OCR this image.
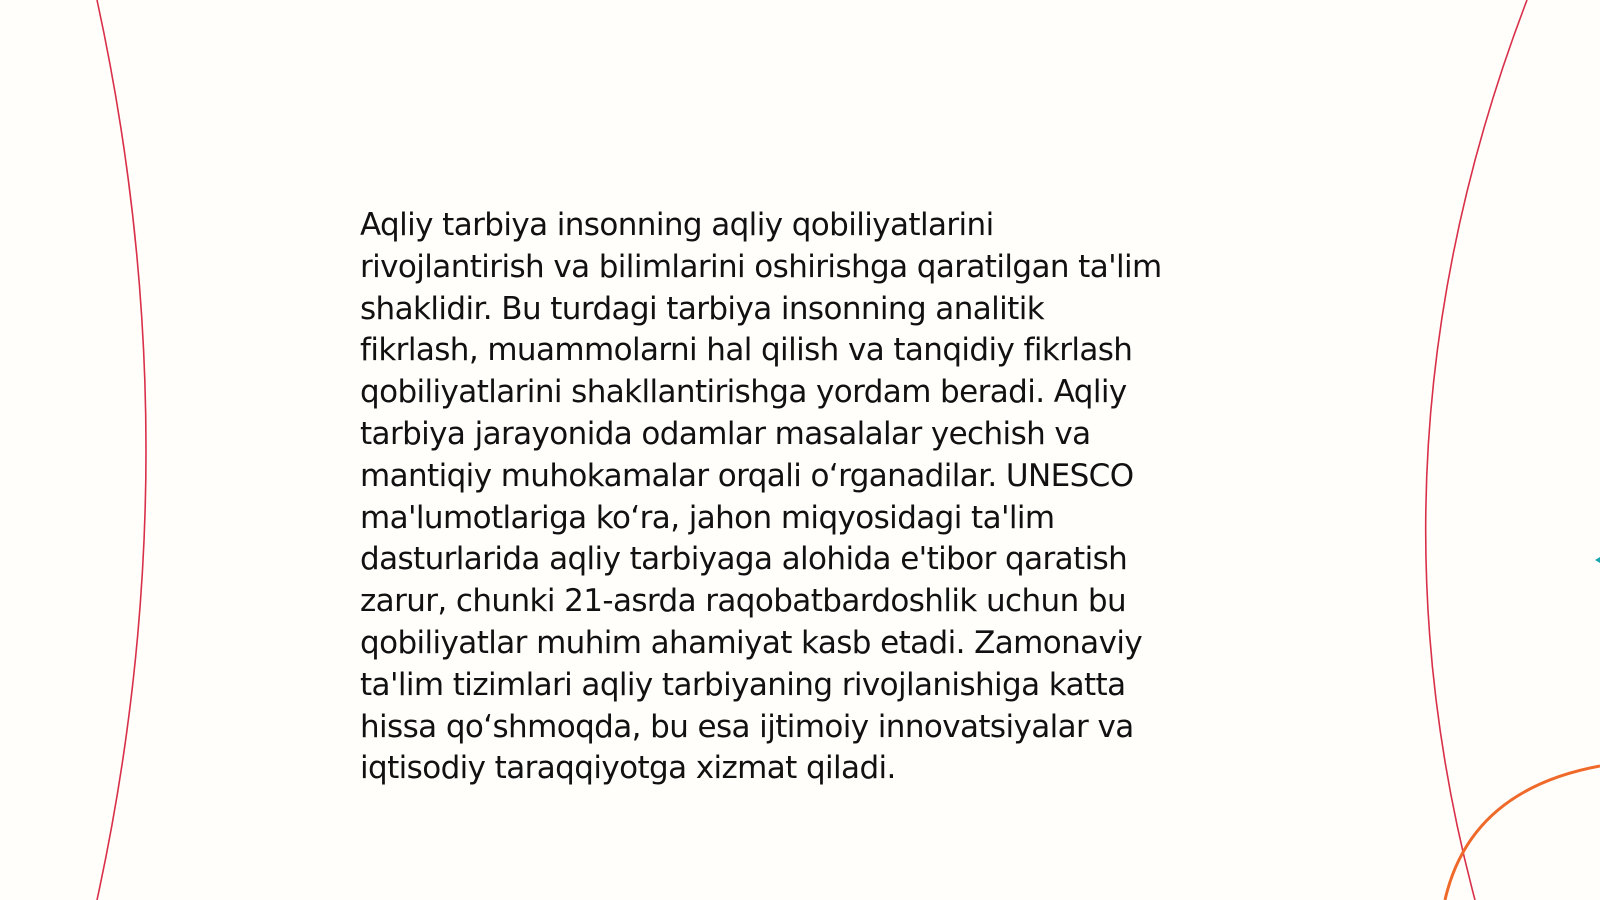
Aqliy tarbiya insonning aqliy qobiliyatlarini
rivojlantirish va bilimlarini oshirishga qaratilgan ta'lim
shaklidir. Bu turdagi tarbiya insonning analitik
fikrlash, muammolarni hal qilish va tanqidiy fikrlash
qobiliyatlarini shakllantirishga yordam beradi. Aqliy
tarbiya jarayonida odamlar masalalar yechish va
mantiqiy muhokamalar orqali oʻrganadilar. UNESCO
ma'lumotlariga koʻra, jahon miqyosidagi ta'lim
dasturlarida aqliy tarbiyaga alohida e'tibor qaratish
zarur, chunki 21-asrda raqobatbardoshlik uchun bu
qobiliyatlar muhim ahamiyat kasb etadi. Zamonaviy
ta'lim tizimlari aqliy tarbiyaning rivojlanishiga katta
hissa qoʻshmoqda, bu esa ijtimoiy innovatsiyalar va
iqtisodiy taraqqiyotga xizmat qiladi.
